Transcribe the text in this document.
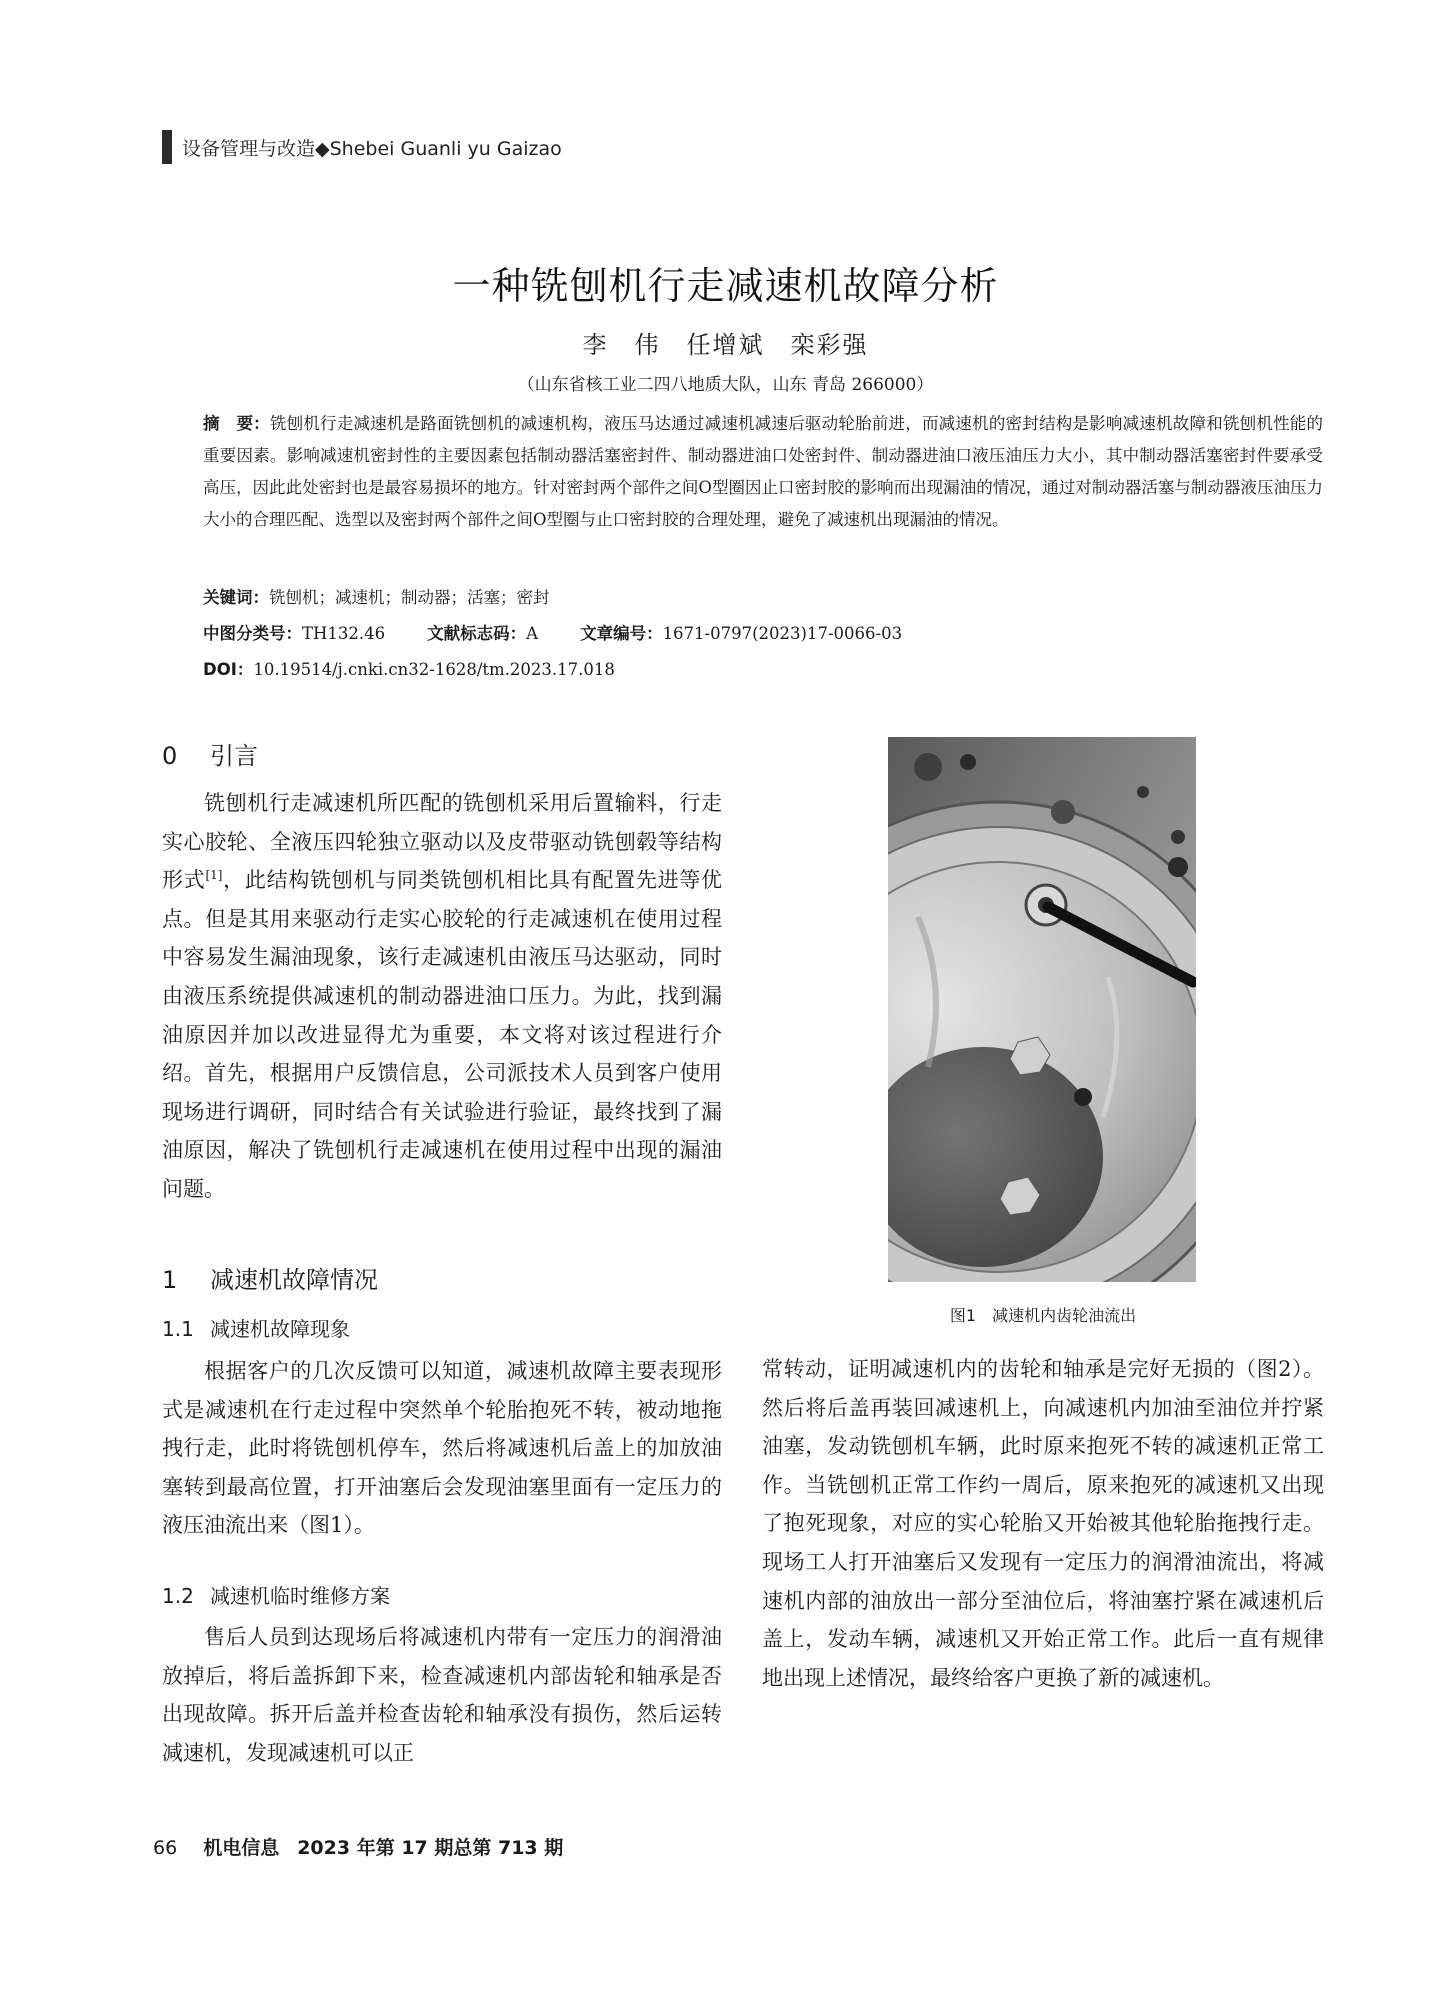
设备管理与改造◆Shebei Guanli yu Gaizao
一种铣刨机行走减速机故障分析
李　伟　任增斌　栾彩强
（山东省核工业二四八地质大队，山东 青岛 266000）
摘　要：铣刨机行走减速机是路面铣刨机的减速机构，液压马达通过减速机减速后驱动轮胎前进，而减速机的密封结构是影响减速机故障和铣刨机性能的重要因素。影响减速机密封性的主要因素包括制动器活塞密封件、制动器进油口处密封件、制动器进油口液压油压力大小，其中制动器活塞密封件要承受高压，因此此处密封也是最容易损坏的地方。针对密封两个部件之间O型圈因止口密封胶的影响而出现漏油的情况，通过对制动器活塞与制动器液压油压力大小的合理匹配、选型以及密封两个部件之间O型圈与止口密封胶的合理处理，避免了减速机出现漏油的情况。
关键词：铣刨机；减速机；制动器；活塞；密封
中图分类号：TH132.46	文献标志码：A	文章编号：1671-0797(2023)17-0066-03
DOI：10.19514/j.cnki.cn32-1628/tm.2023.17.018
0 引言

铣刨机行走减速机所匹配的铣刨机采用后置输料，行走实心胶轮、全液压四轮独立驱动以及皮带驱动铣刨毂等结构形式[1]，此结构铣刨机与同类铣刨机相比具有配置先进等优点。但是其用来驱动行走实心胶轮的行走减速机在使用过程中容易发生漏油现象，该行走减速机由液压马达驱动，同时由液压系统提供减速机的制动器进油口压力。为此，找到漏油原因并加以改进显得尤为重要，本文将对该过程进行介绍。首先，根据用户反馈信息，公司派技术人员到客户使用现场进行调研，同时结合有关试验进行验证，最终找到了漏油原因，解决了铣刨机行走减速机在使用过程中出现的漏油问题。

1 减速机故障情况
1.1 减速机故障现象

根据客户的几次反馈可以知道，减速机故障主要表现形式是减速机在行走过程中突然单个轮胎抱死不转，被动地拖拽行走，此时将铣刨机停车，然后将减速机后盖上的加放油塞转到最高位置，打开油塞后会发现油塞里面有一定压力的液压油流出来（图1）。

1.2 减速机临时维修方案

售后人员到达现场后将减速机内带有一定压力的润滑油放掉后，将后盖拆卸下来，检查减速机内部齿轮和轴承是否出现故障。拆开后盖并检查齿轮和轴承没有损伤，然后运转减速机，发现减速机可以正

图1　减速机内齿轮油流出

常转动，证明减速机内的齿轮和轴承是完好无损的（图2）。然后将后盖再装回减速机上，向减速机内加油至油位并拧紧油塞，发动铣刨机车辆，此时原来抱死不转的减速机正常工作。当铣刨机正常工作约一周后，原来抱死的减速机又出现了抱死现象，对应的实心轮胎又开始被其他轮胎拖拽行走。现场工人打开油塞后又发现有一定压力的润滑油流出，将减速机内部的油放出一部分至油位后，将油塞拧紧在减速机后盖上，发动车辆，减速机又开始正常工作。此后一直有规律地出现上述情况，最终给客户更换了新的减速机。

66 机电信息 2023 年第 17 期总第 713 期
